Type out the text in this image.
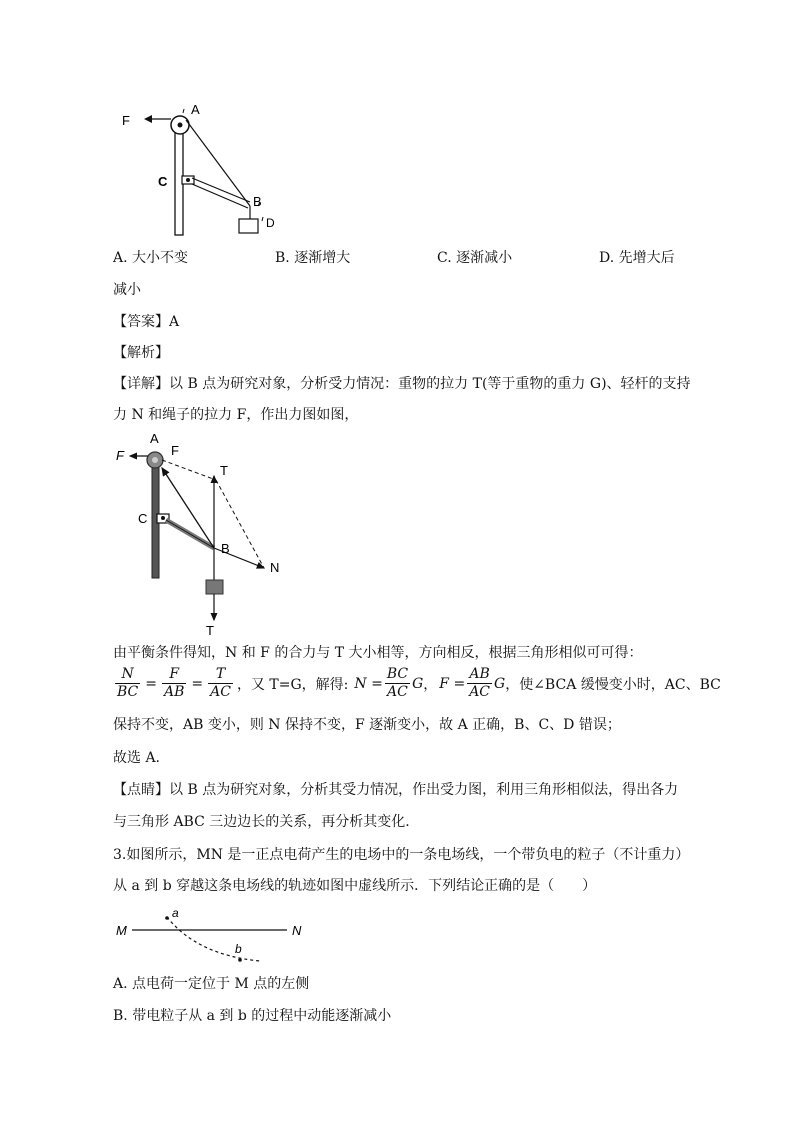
F
A
C
B
D
A. 大小不变	B. 逐渐增大	C. 逐渐减小	D. 先增大后
减小
【答案】A
【解析】
【详解】以 B 点为研究对象，分析受力情况：重物的拉力 T(等于重物的重力 G)、轻杆的支持
力 N 和绳子的拉力 F，作出力图如图，
A
F
F
T
C
B
N
T
由平衡条件得知，N 和 F 的合力与 T 大小相等，方向相反，根据三角形相似可可得：
$\frac{N}{BC} = \frac{F}{AB} = \frac{T}{AC}$ ，又 T=G，解得: $N = \frac{BC}{AC}$ G ， $F = \frac{AB}{AC}$ G ，使∠BCA 缓慢变小时，AC、BC
保持不变，AB 变小，则 N 保持不变，F 逐渐变小，故 A 正确，B、C、D 错误；
故选 A.
【点睛】以 B 点为研究对象，分析其受力情况，作出受力图，利用三角形相似法，得出各力
与三角形 ABC 三边边长的关系，再分析其变化.
3.如图所示，MN 是一正点电荷产生的电场中的一条电场线，一个带负电的粒子（不计重力）
从 a 到 b 穿越这条电场线的轨迹如图中虚线所示．下列结论正确的是（　　）
M	N
a
b
A. 点电荷一定位于 M 点的左侧
B. 带电粒子从 a 到 b 的过程中动能逐渐减小
